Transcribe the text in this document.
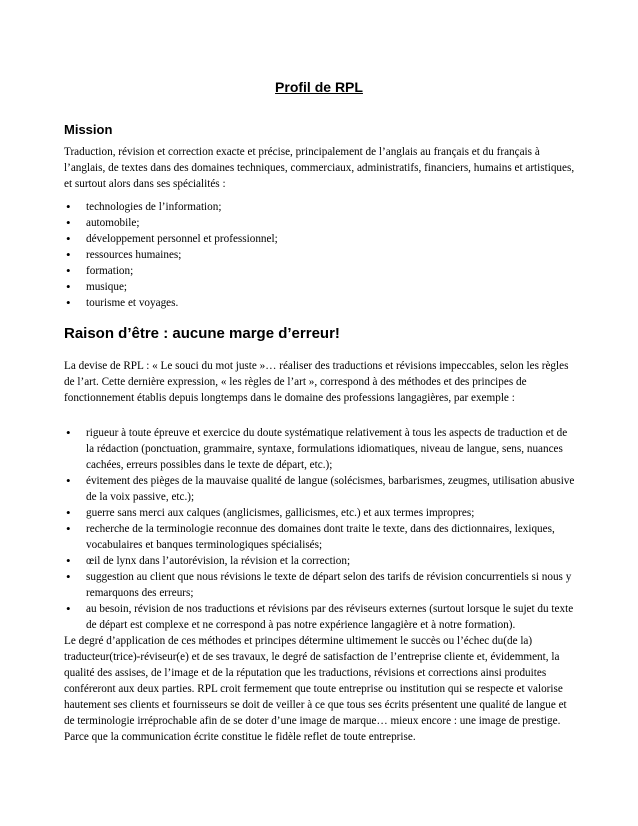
Profil de RPL
Mission

Traduction, révision et correction exacte et précise, principalement de l’anglais au français et du français à l’anglais, de textes dans des domaines techniques, commerciaux, administratifs, financiers, humains et artistiques, et surtout alors dans ses spécialités :

• technologies de l’information;
• automobile;
• développement personnel et professionnel;
• ressources humaines;
• formation;
• musique;
• tourisme et voyages.
Raison d’être : aucune marge d’erreur!

La devise de RPL : « Le souci du mot juste »… réaliser des traductions et révisions impeccables, selon les règles de l’art. Cette dernière expression, « les règles de l’art », correspond à des méthodes et des principes de fonctionnement établis depuis longtemps dans le domaine des professions langagières, par exemple :

• rigueur à toute épreuve et exercice du doute systématique relativement à tous les aspects de traduction et de la rédaction (ponctuation, grammaire, syntaxe, formulations idiomatiques, niveau de langue, sens, nuances cachées, erreurs possibles dans le texte de départ, etc.);
• évitement des pièges de la mauvaise qualité de langue (solécismes, barbarismes, zeugmes, utilisation abusive de la voix passive, etc.);
• guerre sans merci aux calques (anglicismes, gallicismes, etc.) et aux termes impropres;
• recherche de la terminologie reconnue des domaines dont traite le texte, dans des dictionnaires, lexiques, vocabulaires et banques terminologiques spécialisés;
• œil de lynx dans l’autorévision, la révision et la correction;
• suggestion au client que nous révisions le texte de départ selon des tarifs de révision concurrentiels si nous y remarquons des erreurs;
• au besoin, révision de nos traductions et révisions par des réviseurs externes (surtout lorsque le sujet du texte de départ est complexe et ne correspond à pas notre expérience langagière et à notre formation).

Le degré d’application de ces méthodes et principes détermine ultimement le succès ou l’échec du(de la) traducteur(trice)-réviseur(e) et de ses travaux, le degré de satisfaction de l’entreprise cliente et, évidemment, la qualité des assises, de l’image et de la réputation que les traductions, révisions et corrections ainsi produites conféreront aux deux parties. RPL croit fermement que toute entreprise ou institution qui se respecte et valorise hautement ses clients et fournisseurs se doit de veiller à ce que tous ses écrits présentent une qualité de langue et de terminologie irréprochable afin de se doter d’une image de marque… mieux encore : une image de prestige. Parce que la communication écrite constitue le fidèle reflet de toute entreprise.
